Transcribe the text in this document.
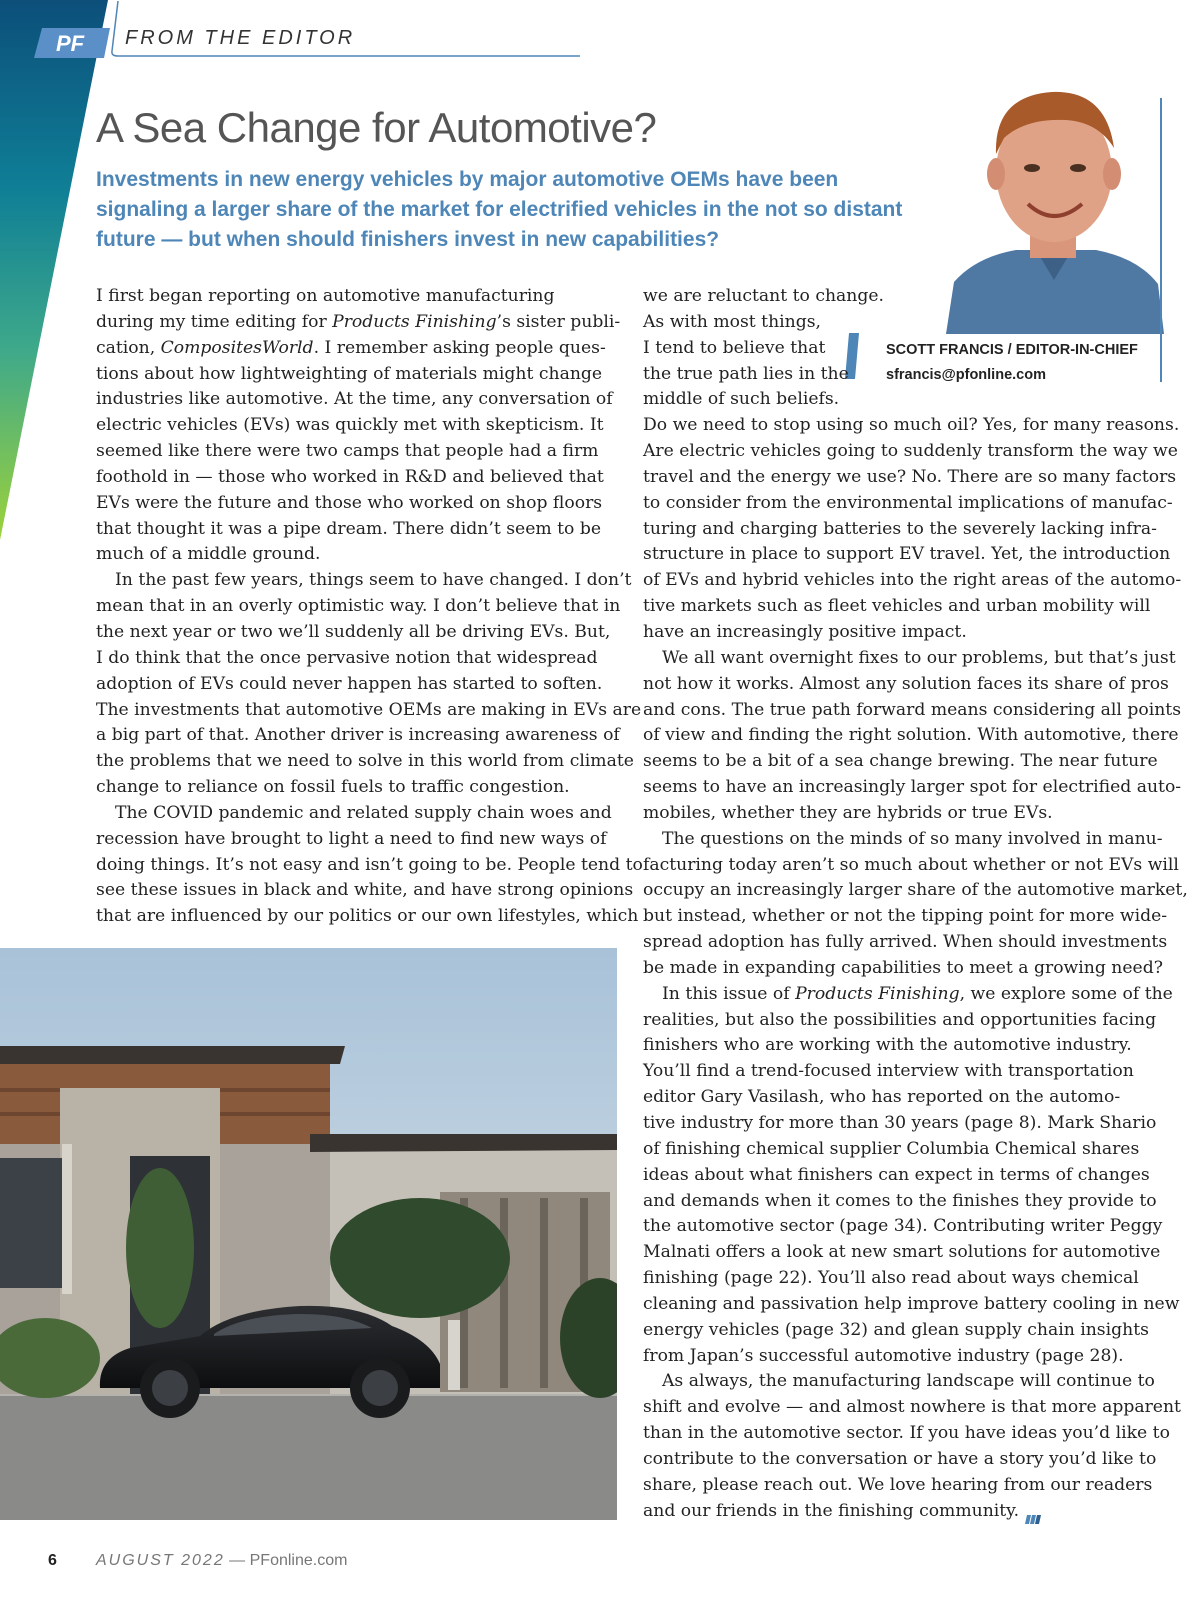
PF FROM THE EDITOR
A Sea Change for Automotive?

Investments in new energy vehicles by major automotive OEMs have been signaling a larger share of the market for electrified vehicles in the not so distant future — but when should finishers invest in new capabilities?

SCOTT FRANCIS / EDITOR-IN-CHIEF
sfrancis@pfonline.com
I first began reporting on automotive manufacturing
during my time editing for Products Finishing’s sister publi-
cation, CompositesWorld. I remember asking people ques-
tions about how lightweighting of materials might change
industries like automotive. At the time, any conversation of
electric vehicles (EVs) was quickly met with skepticism. It
seemed like there were two camps that people had a firm
foothold in — those who worked in R&D and believed that
EVs were the future and those who worked on shop floors
that thought it was a pipe dream. There didn’t seem to be
much of a middle ground.
In the past few years, things seem to have changed. I don’t
mean that in an overly optimistic way. I don’t believe that in
the next year or two we’ll suddenly all be driving EVs. But,
I do think that the once pervasive notion that widespread
adoption of EVs could never happen has started to soften.
The investments that automotive OEMs are making in EVs are
a big part of that. Another driver is increasing awareness of
the problems that we need to solve in this world from climate
change to reliance on fossil fuels to traffic congestion.
The COVID pandemic and related supply chain woes and
recession have brought to light a need to find new ways of
doing things. It’s not easy and isn’t going to be. People tend to
see these issues in black and white, and have strong opinions
that are influenced by our politics or our own lifestyles, which
we are reluctant to change.
As with most things,
I tend to believe that
the true path lies in the
middle of such beliefs.
Do we need to stop using so much oil? Yes, for many reasons.
Are electric vehicles going to suddenly transform the way we
travel and the energy we use? No. There are so many factors
to consider from the environmental implications of manufac-
turing and charging batteries to the severely lacking infra-
structure in place to support EV travel. Yet, the introduction
of EVs and hybrid vehicles into the right areas of the automo-
tive markets such as fleet vehicles and urban mobility will
have an increasingly positive impact.
We all want overnight fixes to our problems, but that’s just
not how it works. Almost any solution faces its share of pros
and cons. The true path forward means considering all points
of view and finding the right solution. With automotive, there
seems to be a bit of a sea change brewing. The near future
seems to have an increasingly larger spot for electrified auto-
mobiles, whether they are hybrids or true EVs.
The questions on the minds of so many involved in manu-
facturing today aren’t so much about whether or not EVs will
occupy an increasingly larger share of the automotive market,
but instead, whether or not the tipping point for more wide-
spread adoption has fully arrived. When should investments
be made in expanding capabilities to meet a growing need?
In this issue of Products Finishing, we explore some of the
realities, but also the possibilities and opportunities facing
finishers who are working with the automotive industry.
You’ll find a trend-focused interview with transportation
editor Gary Vasilash, who has reported on the automo-
tive industry for more than 30 years (page 8). Mark Shario
of finishing chemical supplier Columbia Chemical shares
ideas about what finishers can expect in terms of changes
and demands when it comes to the finishes they provide to
the automotive sector (page 34). Contributing writer Peggy
Malnati offers a look at new smart solutions for automotive
finishing (page 22). You’ll also read about ways chemical
cleaning and passivation help improve battery cooling in new
energy vehicles (page 32) and glean supply chain insights
from Japan’s successful automotive industry (page 28).
As always, the manufacturing landscape will continue to
shift and evolve — and almost nowhere is that more apparent
than in the automotive sector. If you have ideas you’d like to
contribute to the conversation or have a story you’d like to
share, please reach out. We love hearing from our readers
and our friends in the finishing community.
6 AUGUST 2022 — PFonline.com
